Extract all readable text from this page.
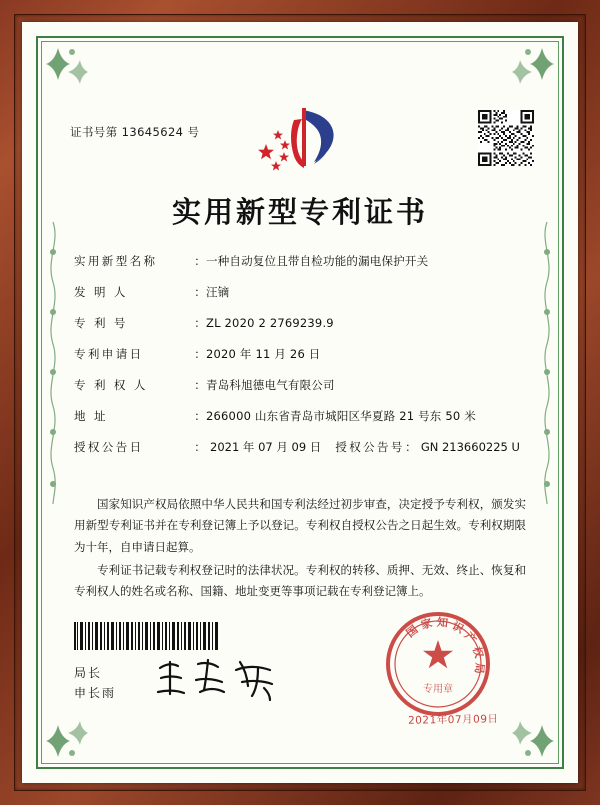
证书号第 13645624 号
实用新型专利证书
实用新型名称	： 一种自动复位且带自检功能的漏电保护开关
发 明 人	： 汪镝
专 利 号	： ZL 2020 2 2769239.9
专利申请日	： 2020 年 11 月 26 日
专 利 权 人	： 青岛科旭德电气有限公司
地 址	： 266000 山东省青岛市城阳区华夏路 21 号东 50 米
授权公告日	： 2021 年 07 月 09 日 授权公告号 ： GN 213660225 U

国家知识产权局依照中华人民共和国专利法经过初步审查，决定授予专利权，颁发实用新型专利证书并在专利登记簿上予以登记。专利权自授权公告之日起生效。专利权期限为十年，自申请日起算。

专利证书记载专利权登记时的法律状况。专利权的转移、质押、无效、终止、恢复和专利权人的姓名或名称、国籍、地址变更等事项记载在专利登记簿上。

局长
申长雨
国 家 知 识 产 权 局
专用章
2021年07月09日
